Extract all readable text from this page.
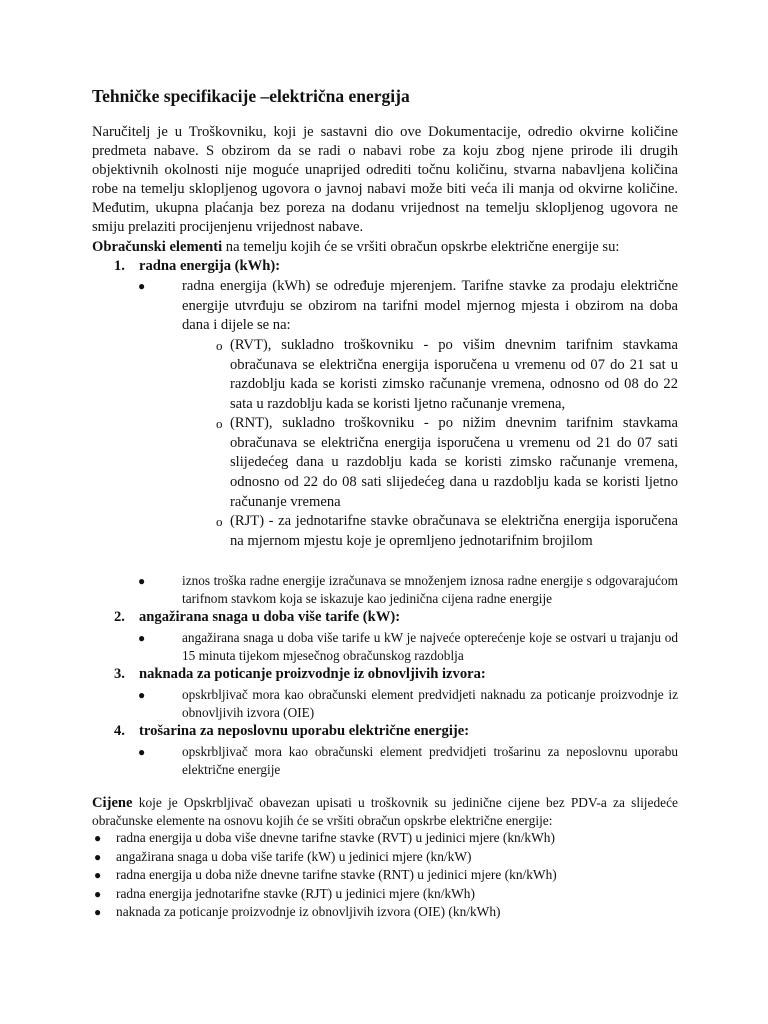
Tehničke specifikacije –električna energija

Naručitelj je u Troškovniku, koji je sastavni dio ove Dokumentacije, odredio okvirne količine predmeta nabave. S obzirom da se radi o nabavi robe za koju zbog njene prirode ili drugih objektivnih okolnosti nije moguće unaprijed odrediti točnu količinu, stvarna nabavljena količina robe na temelju sklopljenog ugovora o javnoj nabavi može biti veća ili manja od okvirne količine. Međutim, ukupna plaćanja bez poreza na dodanu vrijednost na temelju sklopljenog ugovora ne smiju prelaziti procijenjenu vrijednost nabave.

Obračunski elementi na temelju kojih će se vršiti obračun opskrbe električne energije su:

1. radna energija (kWh):
●	radna energija (kWh) se određuje mjerenjem. Tarifne stavke za prodaju električne energije utvrđuju se obzirom na tarifni model mjernog mjesta i obzirom na doba dana i dijele se na:

o (RVT), sukladno troškovniku - po višim dnevnim tarifnim stavkama obračunava se električna energija isporučena u vremenu od 07 do 21 sat u razdoblju kada se koristi zimsko računanje vremena, odnosno od 08 do 22 sata u razdoblju kada se koristi ljetno računanje vremena,

o (RNT), sukladno troškovniku - po nižim dnevnim tarifnim stavkama obračunava se električna energija isporučena u vremenu od 21 do 07 sati slijedećeg dana u razdoblju kada se koristi zimsko računanje vremena, odnosno od 22 do 08 sati slijedećeg dana u razdoblju kada se koristi ljetno računanje vremena

o (RJT) - za jednotarifne stavke obračunava se električna energija isporučena na mjernom mjestu koje je opremljeno jednotarifnim brojilom

●	iznos troška radne energije izračunava se množenjem iznosa radne energije s odgovarajućom tarifnom stavkom koja se iskazuje kao jedinična cijena radne energije

2. angažirana snaga u doba više tarife (kW):
●	angažirana snaga u doba više tarife u kW je najveće opterećenje koje se ostvari u trajanju od 15 minuta tijekom mjesečnog obračunskog razdoblja

3. naknada za poticanje proizvodnje iz obnovljivih izvora:
●	opskrbljivač mora kao obračunski element predvidjeti naknadu za poticanje proizvodnje iz obnovljivih izvora (OIE)

4. trošarina za neposlovnu uporabu električne energije:
●	opskrbljivač mora kao obračunski element predvidjeti trošarinu za neposlovnu uporabu električne energije

Cijene koje je Opskrbljivač obavezan upisati u troškovnik su jedinične cijene bez PDV-a za slijedeće obračunske elemente na osnovu kojih će se vršiti obračun opskrbe električne energije:

● radna energija u doba više dnevne tarifne stavke (RVT) u jedinici mjere (kn/kWh)
● angažirana snaga u doba više tarife (kW) u jedinici mjere (kn/kW)
● radna energija u doba niže dnevne tarifne stavke (RNT) u jedinici mjere (kn/kWh)
● radna energija jednotarifne stavke (RJT) u jedinici mjere (kn/kWh)
● naknada za poticanje proizvodnje iz obnovljivih izvora (OIE) (kn/kWh)
